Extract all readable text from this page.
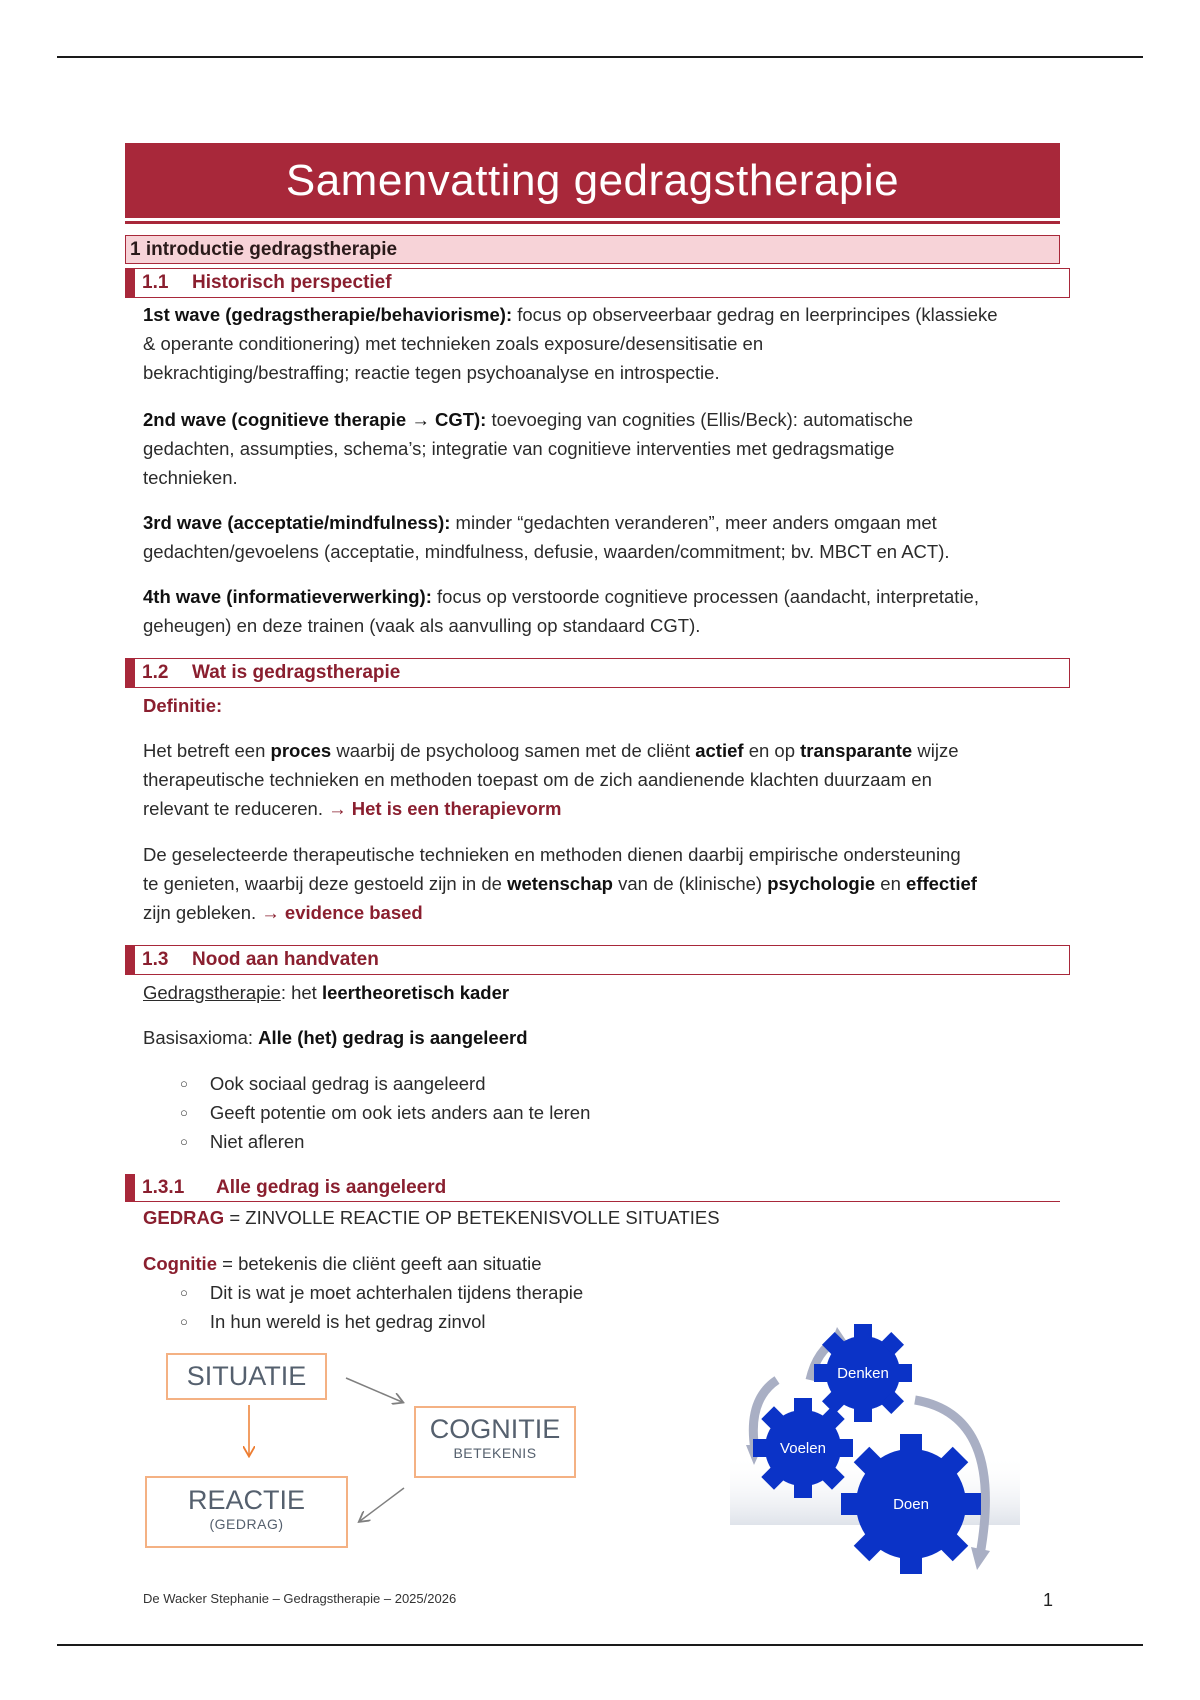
Samenvatting gedragstherapie
1 introductie gedragstherapie
1.1 Historisch perspectief
1st wave (gedragstherapie/behaviorisme): focus op observeerbaar gedrag en leerprincipes (klassieke
& operante conditionering) met technieken zoals exposure/desensitisatie en
bekrachtiging/bestraffing; reactie tegen psychoanalyse en introspectie.
2nd wave (cognitieve therapie → CGT): toevoeging van cognities (Ellis/Beck): automatische
gedachten, assumpties, schema’s; integratie van cognitieve interventies met gedragsmatige
technieken.
3rd wave (acceptatie/mindfulness): minder “gedachten veranderen”, meer anders omgaan met
gedachten/gevoelens (acceptatie, mindfulness, defusie, waarden/commitment; bv. MBCT en ACT).
4th wave (informatieverwerking): focus op verstoorde cognitieve processen (aandacht, interpretatie,
geheugen) en deze trainen (vaak als aanvulling op standaard CGT).
1.2 Wat is gedragstherapie
Definitie:
Het betreft een proces waarbij de psycholoog samen met de cliënt actief en op transparante wijze
therapeutische technieken en methoden toepast om de zich aandienende klachten duurzaam en
relevant te reduceren. → Het is een therapievorm
De geselecteerde therapeutische technieken en methoden dienen daarbij empirische ondersteuning
te genieten, waarbij deze gestoeld zijn in de wetenschap van de (klinische) psychologie en effectief
zijn gebleken. → evidence based
1.3 Nood aan handvaten
Gedragstherapie: het leertheoretisch kader
Basisaxioma: Alle (het) gedrag is aangeleerd
○ Ook sociaal gedrag is aangeleerd
○ Geeft potentie om ook iets anders aan te leren
○ Niet afleren
1.3.1 Alle gedrag is aangeleerd
GEDRAG = ZINVOLLE REACTIE OP BETEKENISVOLLE SITUATIES
Cognitie = betekenis die cliënt geeft aan situatie
○ Dit is wat je moet achterhalen tijdens therapie
○ In hun wereld is het gedrag zinvol
SITUATIE
COGNITIE
BETEKENIS
REACTIE
(GEDRAG)
Denken
Voelen
Doen
De Wacker Stephanie – Gedragstherapie – 2025/2026	1
